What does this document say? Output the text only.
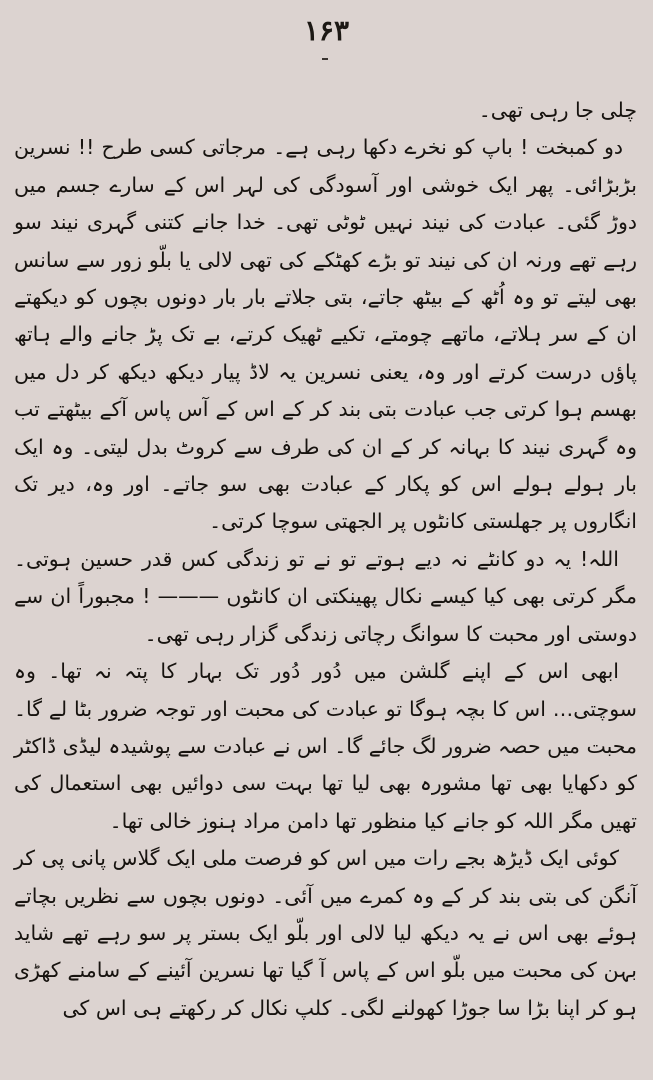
۱۶۳

چلی جا رہی تھی۔

دو کمبخت ! باپ کو نخرے دکھا رہی ہے۔ مرجاتی کسی طرح !! نسرین بڑبڑائی۔ پھر ایک خوشی اور آسودگی کی لہر اس کے سارے جسم میں دوڑ گئی۔ عبادت کی نیند نہیں ٹوٹی تھی۔ خدا جانے کتنی گہری نیند سو رہے تھے ورنہ ان کی نیند تو بڑے کھٹکے کی تھی لالی یا بلّو زور سے سانس بھی لیتے تو وہ اُٹھ کے بیٹھ جاتے، بتی جلاتے بار بار دونوں بچوں کو دیکھتے ان کے سر ہلاتے، ماتھے چومتے، تکیے ٹھیک کرتے، بے تک پڑ جانے والے ہاتھ پاؤں درست کرتے اور وہ، یعنی نسرین یہ لاڈ پیار دیکھ دیکھ کر دل میں بھسم ہوا کرتی جب عبادت بتی بند کر کے اس کے آس پاس آکے بیٹھتے تب وہ گہری نیند کا بہانہ کر کے ان کی طرف سے کروٹ بدل لیتی۔ وہ ایک بار ہولے ہولے اس کو پکار کے عبادت بھی سو جاتے۔ اور وہ، دیر تک انگاروں پر جھلستی کانٹوں پر الجھتی سوچا کرتی۔

اللہ! یہ دو کانٹے نہ دیے ہوتے تو نے تو زندگی کس قدر حسین ہوتی۔ مگر کرتی بھی کیا کیسے نکال پھینکتی ان کانٹوں ——— ! مجبوراً ان سے دوستی اور محبت کا سوانگ رچاتی زندگی گزار رہی تھی۔

ابھی اس کے اپنے گلشن میں دُور دُور تک بہار کا پتہ نہ تھا۔ وہ سوچتی… اس کا بچہ ہوگا تو عبادت کی محبت اور توجہ ضرور بٹا لے گا۔ محبت میں حصہ ضرور لگ جائے گا۔ اس نے عبادت سے پوشیدہ لیڈی ڈاکٹر کو دکھایا بھی تھا مشورہ بھی لیا تھا بہت سی دوائیں بھی استعمال کی تھیں مگر اللہ کو جانے کیا منظور تھا دامن مراد ہنوز خالی تھا۔

کوئی ایک ڈیڑھ بجے رات میں اس کو فرصت ملی ایک گلاس پانی پی کر آنگن کی بتی بند کر کے وہ کمرے میں آئی۔ دونوں بچوں سے نظریں بچاتے ہوئے بھی اس نے یہ دیکھ لیا لالی اور بلّو ایک بستر پر سو رہے تھے شاید بہن کی محبت میں بلّو اس کے پاس آ گیا تھا نسرین آئینے کے سامنے کھڑی ہو کر اپنا بڑا سا جوڑا کھولنے لگی۔ کلپ نکال کر رکھتے ہی اس کی
